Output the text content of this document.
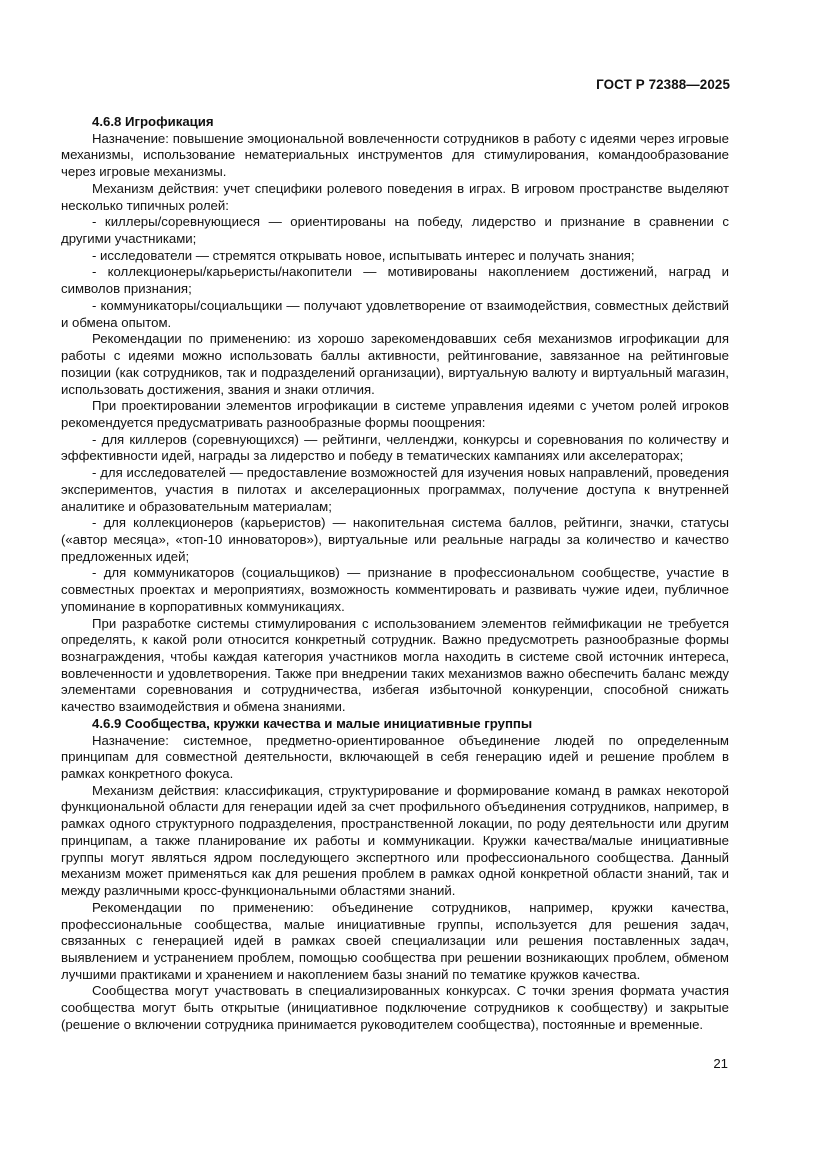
ГОСТ Р 72388—2025

4.6.8 Игрофикация

Назначение: повышение эмоциональной вовлеченности сотрудников в работу с идеями через игровые механизмы, использование нематериальных инструментов для стимулирования, командообразование через игровые механизмы.

Механизм действия: учет специфики ролевого поведения в играх. В игровом пространстве выделяют несколько типичных ролей:

- киллеры/соревнующиеся — ориентированы на победу, лидерство и признание в сравнении с другими участниками;

- исследователи — стремятся открывать новое, испытывать интерес и получать знания;

- коллекционеры/карьеристы/накопители — мотивированы накоплением достижений, наград и символов признания;

- коммуникаторы/социальщики — получают удовлетворение от взаимодействия, совместных действий и обмена опытом.

Рекомендации по применению: из хорошо зарекомендовавших себя механизмов игрофикации для работы с идеями можно использовать баллы активности, рейтингование, завязанное на рейтинговые позиции (как сотрудников, так и подразделений организации), виртуальную валюту и виртуальный магазин, использовать достижения, звания и знаки отличия.

При проектировании элементов игрофикации в системе управления идеями с учетом ролей игроков рекомендуется предусматривать разнообразные формы поощрения:

- для киллеров (соревнующихся) — рейтинги, челленджи, конкурсы и соревнования по количеству и эффективности идей, награды за лидерство и победу в тематических кампаниях или акселераторах;

- для исследователей — предоставление возможностей для изучения новых направлений, проведения экспериментов, участия в пилотах и акселерационных программах, получение доступа к внутренней аналитике и образовательным материалам;

- для коллекционеров (карьеристов) — накопительная система баллов, рейтинги, значки, статусы («автор месяца», «топ-10 инноваторов»), виртуальные или реальные награды за количество и качество предложенных идей;

- для коммуникаторов (социальщиков) — признание в профессиональном сообществе, участие в совместных проектах и мероприятиях, возможность комментировать и развивать чужие идеи, публичное упоминание в корпоративных коммуникациях.

При разработке системы стимулирования с использованием элементов геймификации не требуется определять, к какой роли относится конкретный сотрудник. Важно предусмотреть разнообразные формы вознаграждения, чтобы каждая категория участников могла находить в системе свой источник интереса, вовлеченности и удовлетворения. Также при внедрении таких механизмов важно обеспечить баланс между элементами соревнования и сотрудничества, избегая избыточной конкуренции, способной снижать качество взаимодействия и обмена знаниями.

4.6.9 Сообщества, кружки качества и малые инициативные группы

Назначение: системное, предметно-ориентированное объединение людей по определенным принципам для совместной деятельности, включающей в себя генерацию идей и решение проблем в рамках конкретного фокуса.

Механизм действия: классификация, структурирование и формирование команд в рамках некоторой функциональной области для генерации идей за счет профильного объединения сотрудников, например, в рамках одного структурного подразделения, пространственной локации, по роду деятельности или другим принципам, а также планирование их работы и коммуникации. Кружки качества/малые инициативные группы могут являться ядром последующего экспертного или профессионального сообщества. Данный механизм может применяться как для решения проблем в рамках одной конкретной области знаний, так и между различными кросс-функциональными областями знаний.

Рекомендации по применению: объединение сотрудников, например, кружки качества, профессиональные сообщества, малые инициативные группы, используется для решения задач, связанных с генерацией идей в рамках своей специализации или решения поставленных задач, выявлением и устранением проблем, помощью сообщества при решении возникающих проблем, обменом лучшими практиками и хранением и накоплением базы знаний по тематике кружков качества.

Сообщества могут участвовать в специализированных конкурсах. С точки зрения формата участия сообщества могут быть открытые (инициативное подключение сотрудников к сообществу) и закрытые (решение о включении сотрудника принимается руководителем сообщества), постоянные и временные.

21
